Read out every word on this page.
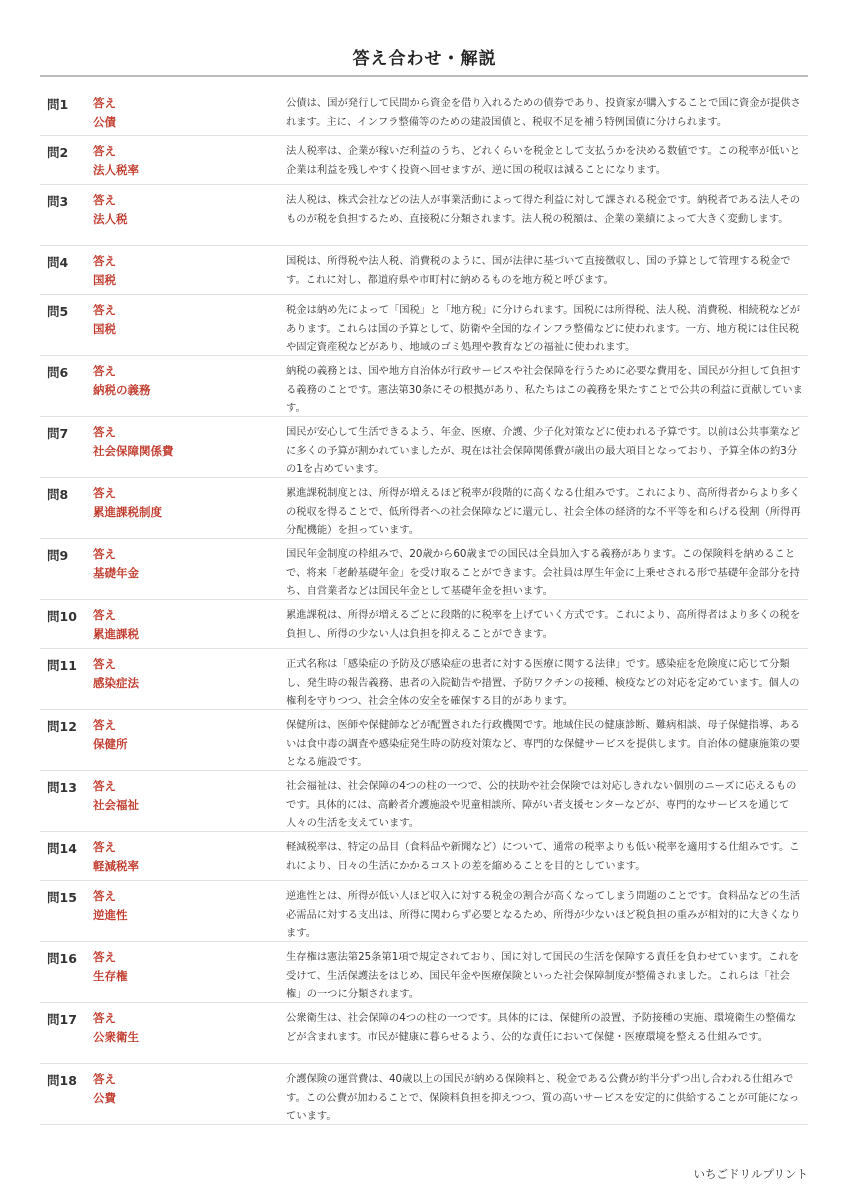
答え合わせ・解説
問1 答え
公債
公債は、国が発行して民間から資金を借り入れるための債券であり、投資家が購入することで国に資金が提供されます。主に、インフラ整備等のための建設国債と、税収不足を補う特例国債に分けられます。
問2 答え
法人税率
法人税率は、企業が稼いだ利益のうち、どれくらいを税金として支払うかを決める数値です。この税率が低いと企業は利益を残しやすく投資へ回せますが、逆に国の税収は減ることになります。
問3 答え
法人税
法人税は、株式会社などの法人が事業活動によって得た利益に対して課される税金です。納税者である法人そのものが税を負担するため、直接税に分類されます。法人税の税額は、企業の業績によって大きく変動します。
問4 答え
国税
国税は、所得税や法人税、消費税のように、国が法律に基づいて直接徴収し、国の予算として管理する税金です。これに対し、都道府県や市町村に納めるものを地方税と呼びます。
問5 答え
国税
税金は納め先によって「国税」と「地方税」に分けられます。国税には所得税、法人税、消費税、相続税などがあります。これらは国の予算として、防衛や全国的なインフラ整備などに使われます。一方、地方税には住民税や固定資産税などがあり、地域のゴミ処理や教育などの福祉に使われます。
問6 答え
納税の義務
納税の義務とは、国や地方自治体が行政サービスや社会保障を行うために必要な費用を、国民が分担して負担する義務のことです。憲法第30条にその根拠があり、私たちはこの義務を果たすことで公共の利益に貢献しています。
問7 答え
社会保障関係費
国民が安心して生活できるよう、年金、医療、介護、少子化対策などに使われる予算です。以前は公共事業などに多くの予算が割かれていましたが、現在は社会保障関係費が歳出の最大項目となっており、予算全体の約3分の1を占めています。
問8 答え
累進課税制度
累進課税制度とは、所得が増えるほど税率が段階的に高くなる仕組みです。これにより、高所得者からより多くの税収を得ることで、低所得者への社会保障などに還元し、社会全体の経済的な不平等を和らげる役割（所得再分配機能）を担っています。
問9 答え
基礎年金
国民年金制度の枠組みで、20歳から60歳までの国民は全員加入する義務があります。この保険料を納めることで、将来「老齢基礎年金」を受け取ることができます。会社員は厚生年金に上乗せされる形で基礎年金部分を持ち、自営業者などは国民年金として基礎年金を担います。
問10 答え
累進課税
累進課税は、所得が増えるごとに段階的に税率を上げていく方式です。これにより、高所得者はより多くの税を負担し、所得の少ない人は負担を抑えることができます。
問11 答え
感染症法
正式名称は「感染症の予防及び感染症の患者に対する医療に関する法律」です。感染症を危険度に応じて分類し、発生時の報告義務、患者の入院勧告や措置、予防ワクチンの接種、検疫などの対応を定めています。個人の権利を守りつつ、社会全体の安全を確保する目的があります。
問12 答え
保健所
保健所は、医師や保健師などが配置された行政機関です。地域住民の健康診断、難病相談、母子保健指導、あるいは食中毒の調査や感染症発生時の防疫対策など、専門的な保健サービスを提供します。自治体の健康施策の要となる施設です。
問13 答え
社会福祉
社会福祉は、社会保障の4つの柱の一つで、公的扶助や社会保険では対応しきれない個別のニーズに応えるものです。具体的には、高齢者介護施設や児童相談所、障がい者支援センターなどが、専門的なサービスを通じて人々の生活を支えています。
問14 答え
軽減税率
軽減税率は、特定の品目（食料品や新聞など）について、通常の税率よりも低い税率を適用する仕組みです。これにより、日々の生活にかかるコストの差を縮めることを目的としています。
問15 答え
逆進性
逆進性とは、所得が低い人ほど収入に対する税金の割合が高くなってしまう問題のことです。食料品などの生活必需品に対する支出は、所得に関わらず必要となるため、所得が少ないほど税負担の重みが相対的に大きくなります。
問16 答え
生存権
生存権は憲法第25条第1項で規定されており、国に対して国民の生活を保障する責任を負わせています。これを受けて、生活保護法をはじめ、国民年金や医療保険といった社会保障制度が整備されました。これらは「社会権」の一つに分類されます。
問17 答え
公衆衛生
公衆衛生は、社会保障の4つの柱の一つです。具体的には、保健所の設置、予防接種の実施、環境衛生の整備などが含まれます。市民が健康に暮らせるよう、公的な責任において保健・医療環境を整える仕組みです。
問18 答え
公費
介護保険の運営費は、40歳以上の国民が納める保険料と、税金である公費が約半分ずつ出し合われる仕組みです。この公費が加わることで、保険料負担を抑えつつ、質の高いサービスを安定的に供給することが可能になっています。
いちごドリルプリント
